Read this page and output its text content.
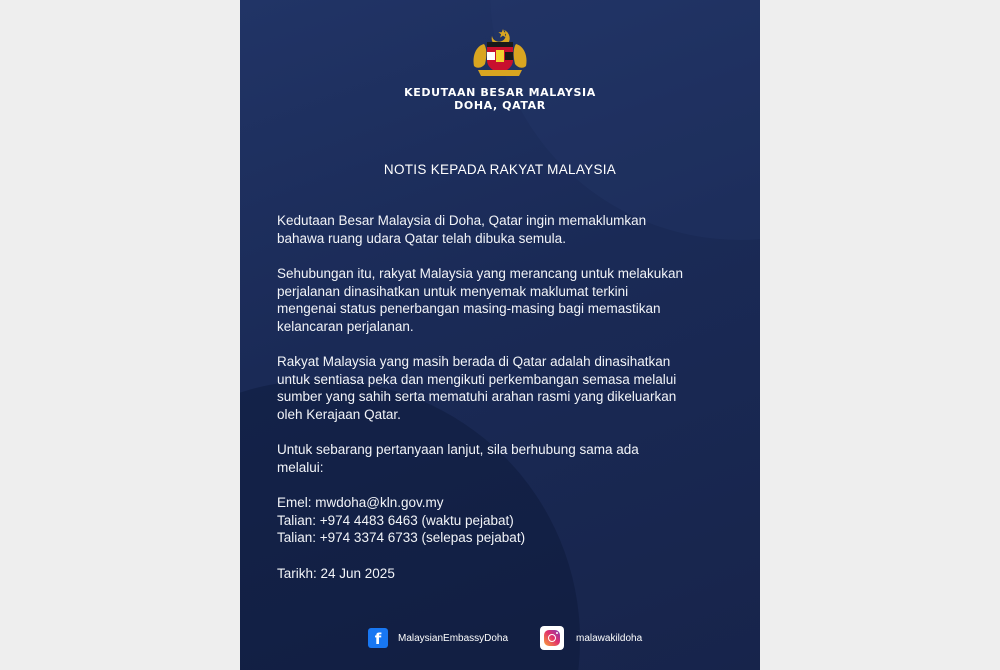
KEDUTAAN BESAR MALAYSIA
DOHA, QATAR
NOTIS KEPADA RAKYAT MALAYSIA

Kedutaan Besar Malaysia di Doha, Qatar ingin memaklumkan
bahawa ruang udara Qatar telah dibuka semula.

Sehubungan itu, rakyat Malaysia yang merancang untuk melakukan
perjalanan dinasihatkan untuk menyemak maklumat terkini
mengenai status penerbangan masing-masing bagi memastikan
kelancaran perjalanan.

Rakyat Malaysia yang masih berada di Qatar adalah dinasihatkan
untuk sentiasa peka dan mengikuti perkembangan semasa melalui
sumber yang sahih serta mematuhi arahan rasmi yang dikeluarkan
oleh Kerajaan Qatar.

Untuk sebarang pertanyaan lanjut, sila berhubung sama ada
melalui:

Emel: mwdoha@kln.gov.my
Talian: +974 4483 6463 (waktu pejabat)
Talian: +974 3374 6733 (selepas pejabat)
Tarikh: 24 Jun 2025
f	MalaysianEmbassyDoha	malawakildoha
